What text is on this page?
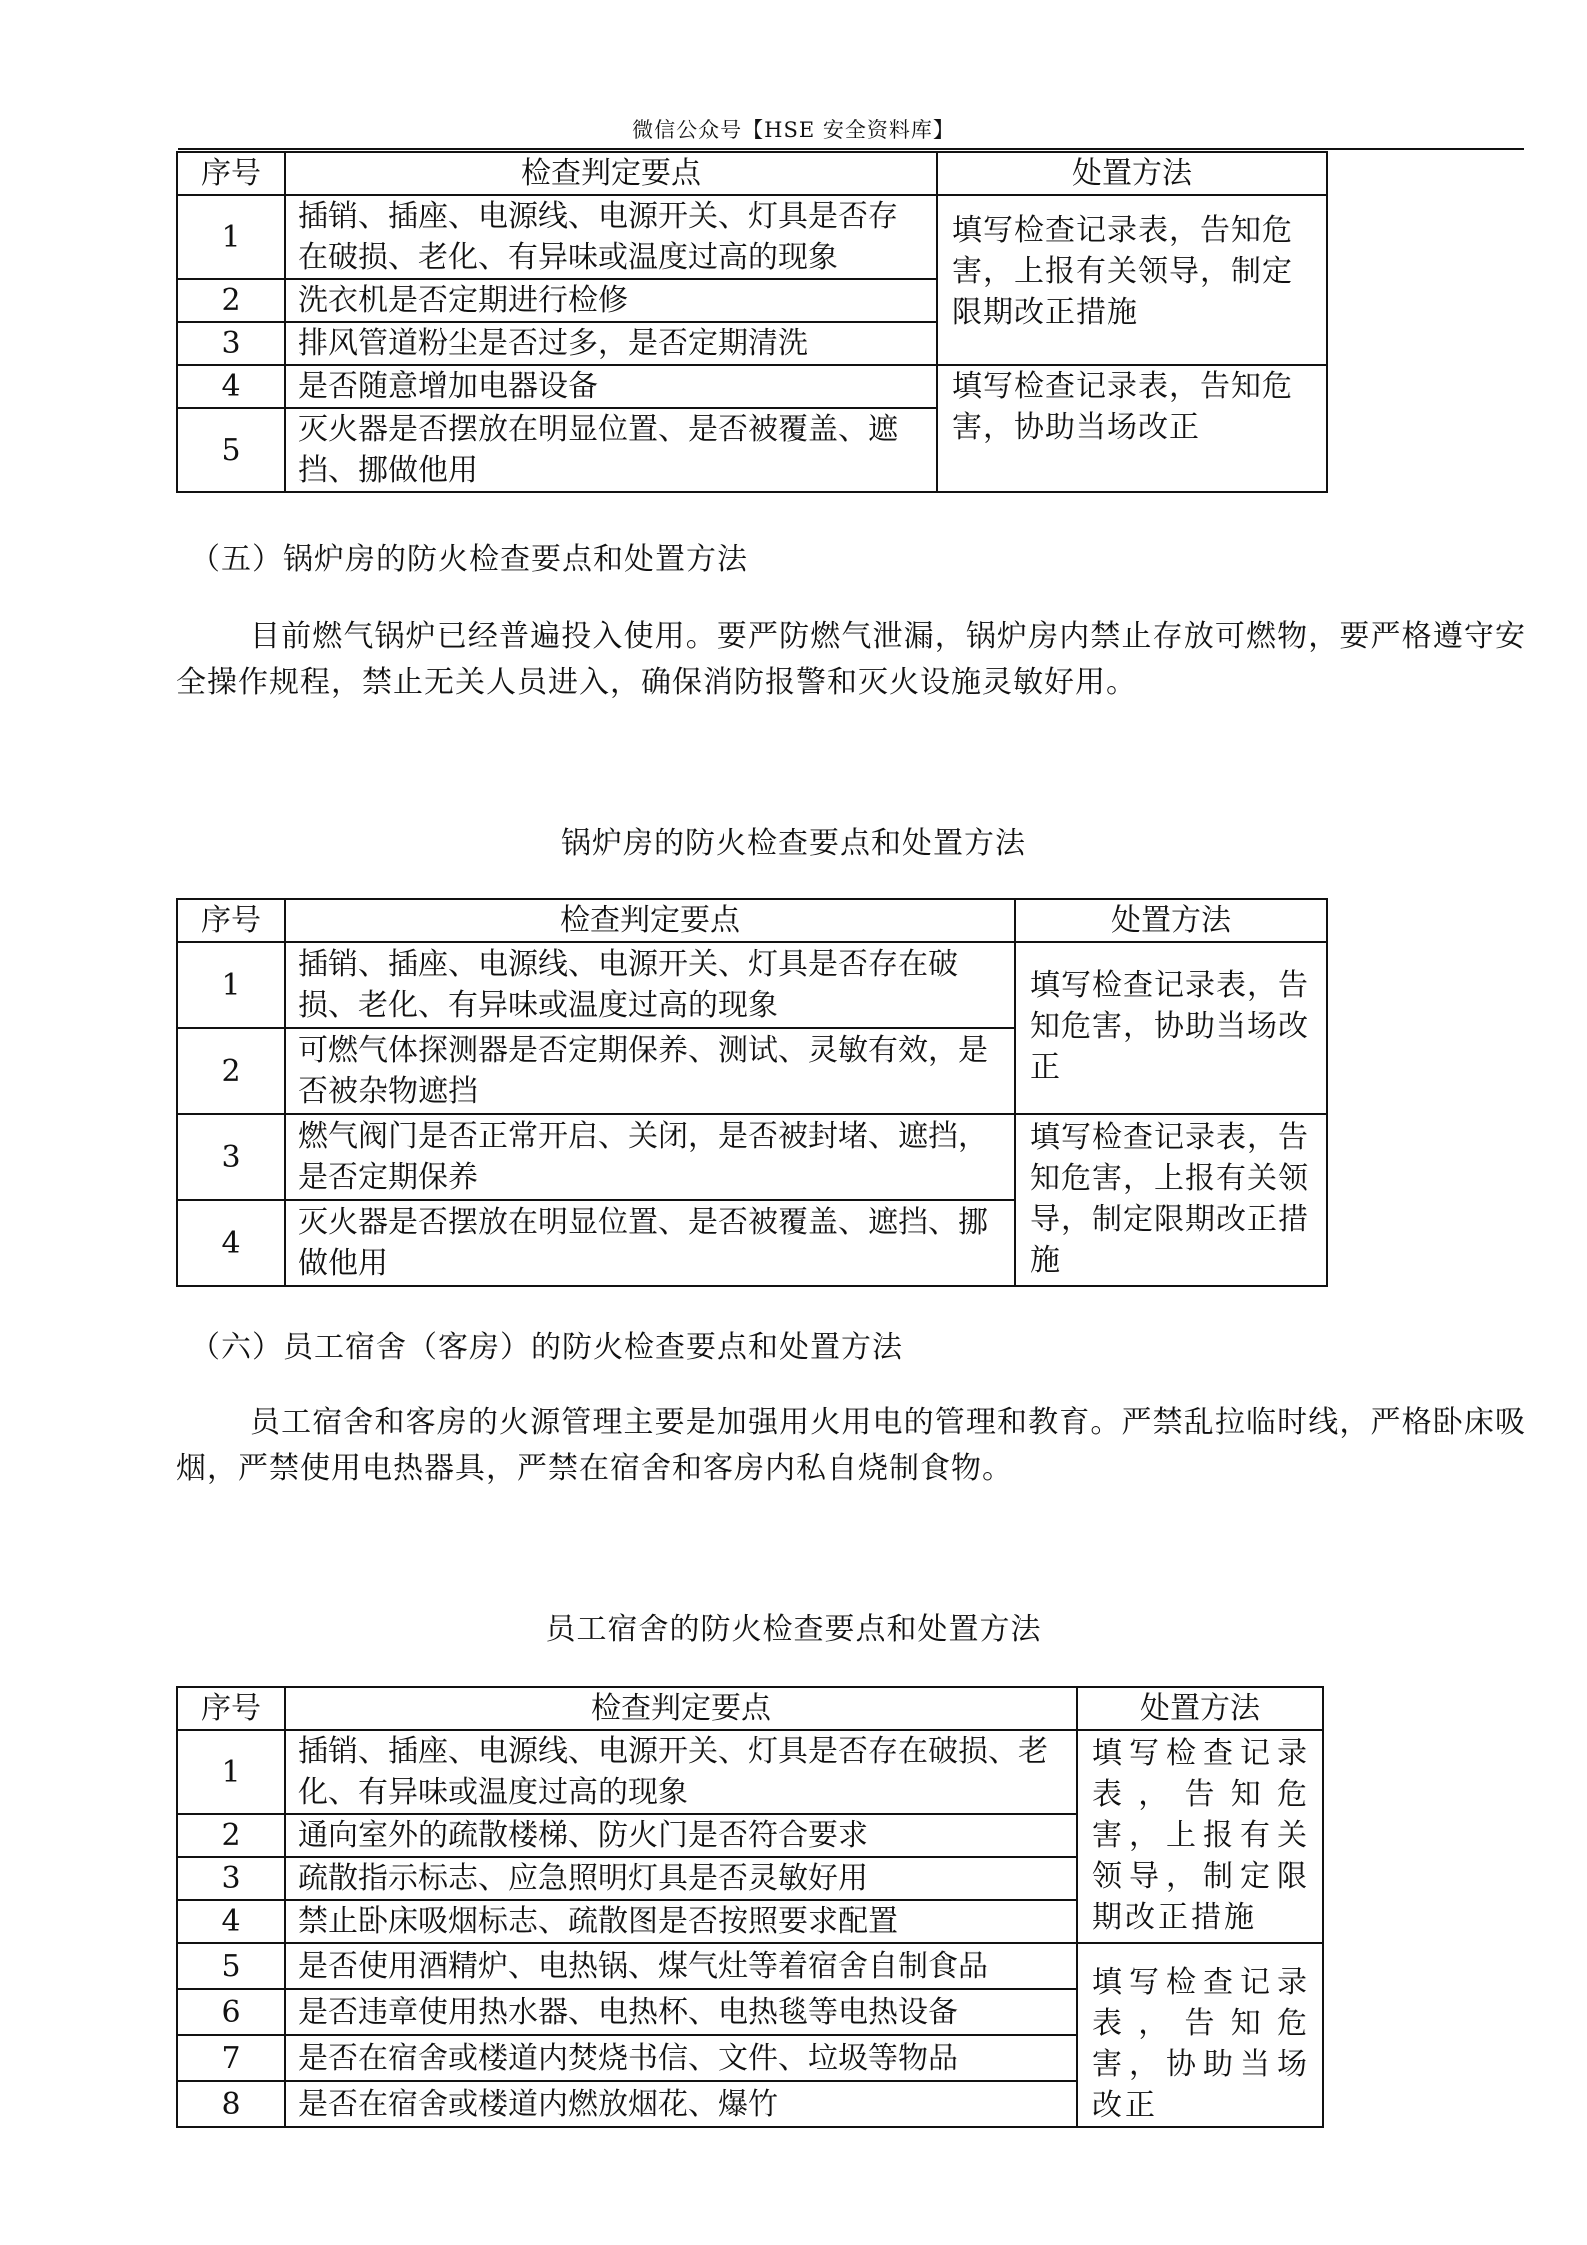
微信公众号【HSE 安全资料库】
序号	检查判定要点	处置方法
1	插销、插座、电源线、电源开关、灯具是否存在破损、老化、有异味或温度过高的现象	填写检查记录表，告知危害，上报有关领导，制定限期改正措施
2	洗衣机是否定期进行检修	
3	排风管道粉尘是否过多，是否定期清洗	
4	是否随意增加电器设备	填写检查记录表，告知危害，协助当场改正
5	灭火器是否摆放在明显位置、是否被覆盖、遮挡、挪做他用	
（五）锅炉房的防火检查要点和处置方法
目前燃气锅炉已经普遍投入使用。要严防燃气泄漏，锅炉房内禁止存放可燃物，要严格遵守安全操作规程，禁止无关人员进入，确保消防报警和灭火设施灵敏好用。
锅炉房的防火检查要点和处置方法
序号	检查判定要点	处置方法
1	插销、插座、电源线、电源开关、灯具是否存在破损、老化、有异味或温度过高的现象	填写检查记录表，告知危害，协助当场改正
2	可燃气体探测器是否定期保养、测试、灵敏有效，是否被杂物遮挡	
3	燃气阀门是否正常开启、关闭，是否被封堵、遮挡，是否定期保养	填写检查记录表，告知危害，上报有关领导，制定限期改正措施
4	灭火器是否摆放在明显位置、是否被覆盖、遮挡、挪做他用	
（六）员工宿舍（客房）的防火检查要点和处置方法
员工宿舍和客房的火源管理主要是加强用火用电的管理和教育。严禁乱拉临时线，严格卧床吸烟，严禁使用电热器具，严禁在宿舍和客房内私自烧制食物。
员工宿舍的防火检查要点和处置方法
序号	检查判定要点	处置方法
1	插销、插座、电源线、电源开关、灯具是否存在破损、老化、有异味或温度过高的现象	填写检查记录表，告知危害，上报有关领导，制定限期改正措施
2	通向室外的疏散楼梯、防火门是否符合要求	
3	疏散指示标志、应急照明灯具是否灵敏好用	
4	禁止卧床吸烟标志、疏散图是否按照要求配置	
5	是否使用酒精炉、电热锅、煤气灶等着宿舍自制食品	填写检查记录表，告知危害，协助当场改正
6	是否违章使用热水器、电热杯、电热毯等电热设备	
7	是否在宿舍或楼道内焚烧书信、文件、垃圾等物品	
8	是否在宿舍或楼道内燃放烟花、爆竹	
